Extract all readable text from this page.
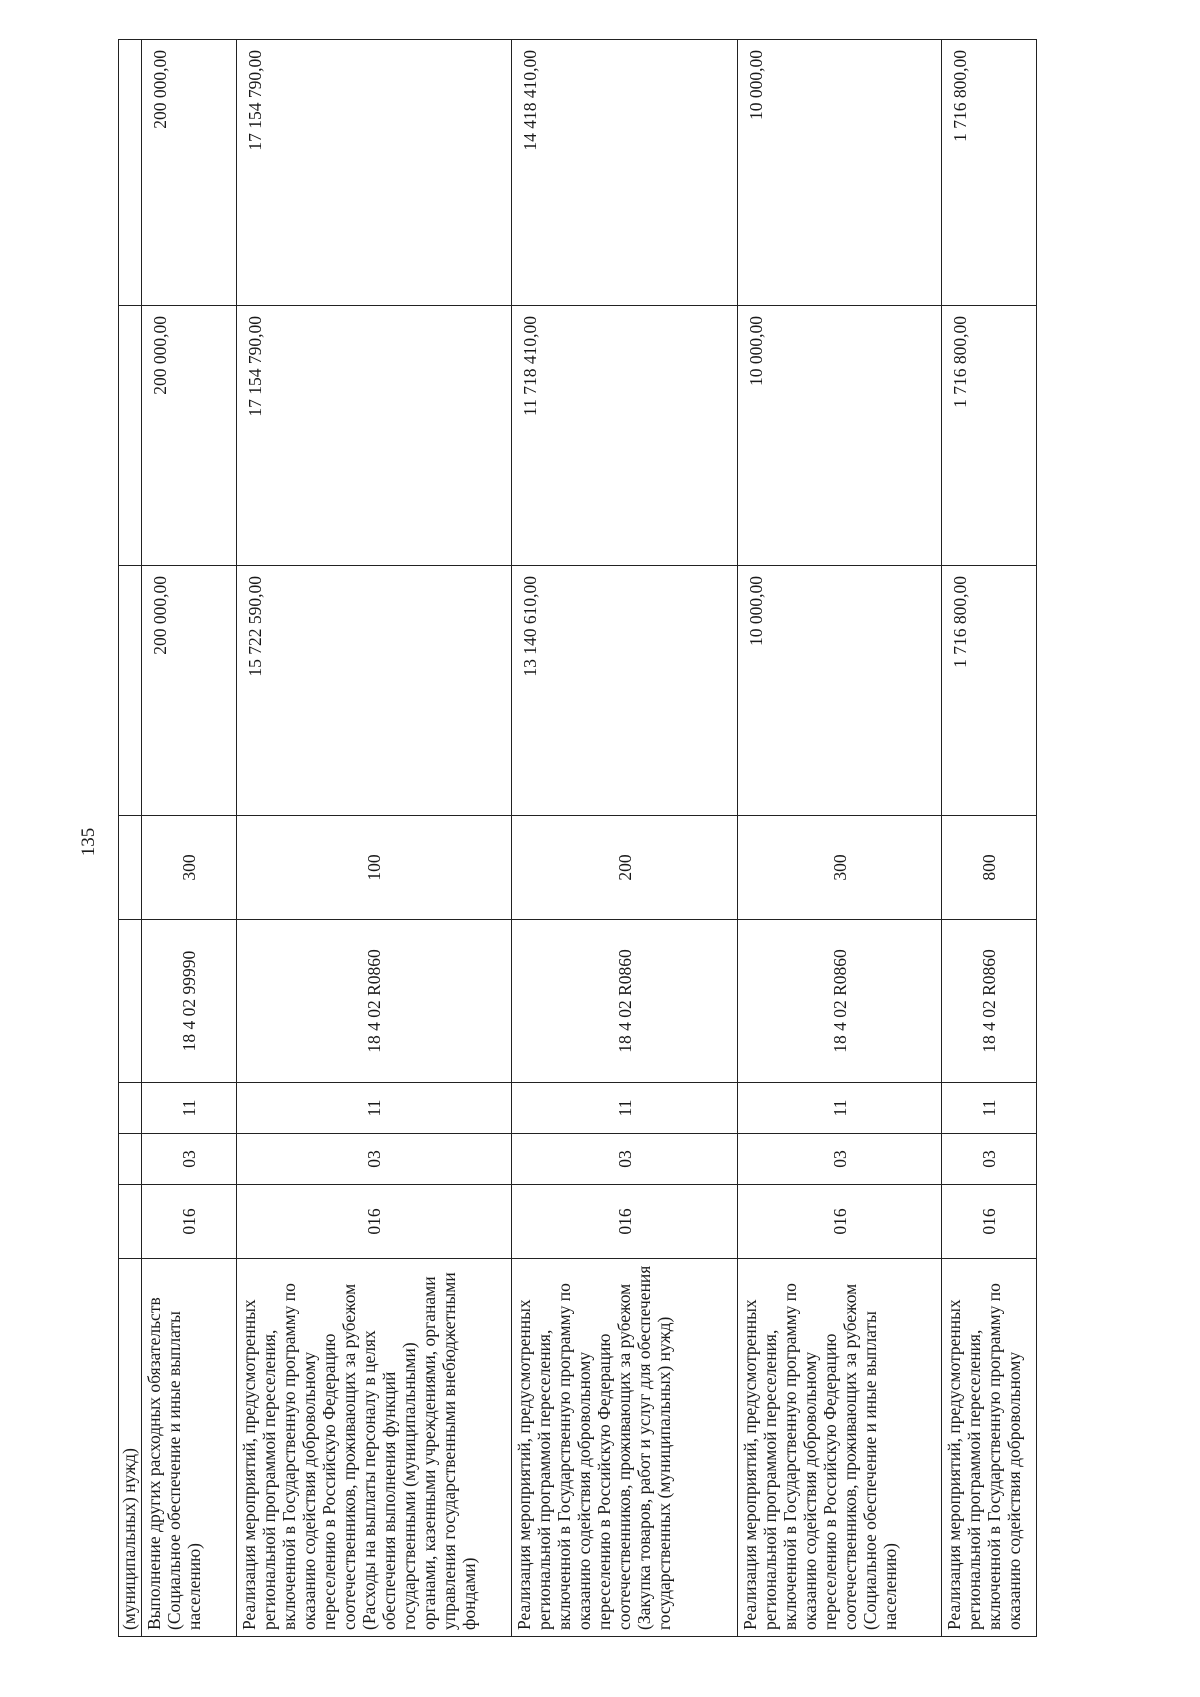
135
(муниципальных) нужд)								
Выполнение других расходных обязательств (Социальное обеспечение и иные выплаты населению)	016	03	11	18 4 02 99990	300	200 000,00	200 000,00	200 000,00
Реализация мероприятий, предусмотренных региональной программой переселения, включенной в Государственную программу по оказанию содействия добровольному переселению в Российскую Федерацию соотечественников, проживающих за рубежом (Расходы на выплаты персоналу в целях обеспечения выполнения функций государственными (муниципальными) органами, казенными учреждениями, органами управления государственными внебюджетными фондами)	016	03	11	18 4 02 R0860	100	15 722 590,00	17 154 790,00	17 154 790,00
Реализация мероприятий, предусмотренных региональной программой переселения, включенной в Государственную программу по оказанию содействия добровольному переселению в Российскую Федерацию соотечественников, проживающих за рубежом (Закупка товаров, работ и услуг для обеспечения государственных (муниципальных) нужд)	016	03	11	18 4 02 R0860	200	13 140 610,00	11 718 410,00	14 418 410,00
Реализация мероприятий, предусмотренных региональной программой переселения, включенной в Государственную программу по оказанию содействия добровольному переселению в Российскую Федерацию соотечественников, проживающих за рубежом (Социальное обеспечение и иные выплаты населению)	016	03	11	18 4 02 R0860	300	10 000,00	10 000,00	10 000,00
Реализация мероприятий, предусмотренных региональной программой переселения, включенной в Государственную программу по оказанию содействия добровольному	016	03	11	18 4 02 R0860	800	1 716 800,00	1 716 800,00	1 716 800,00
